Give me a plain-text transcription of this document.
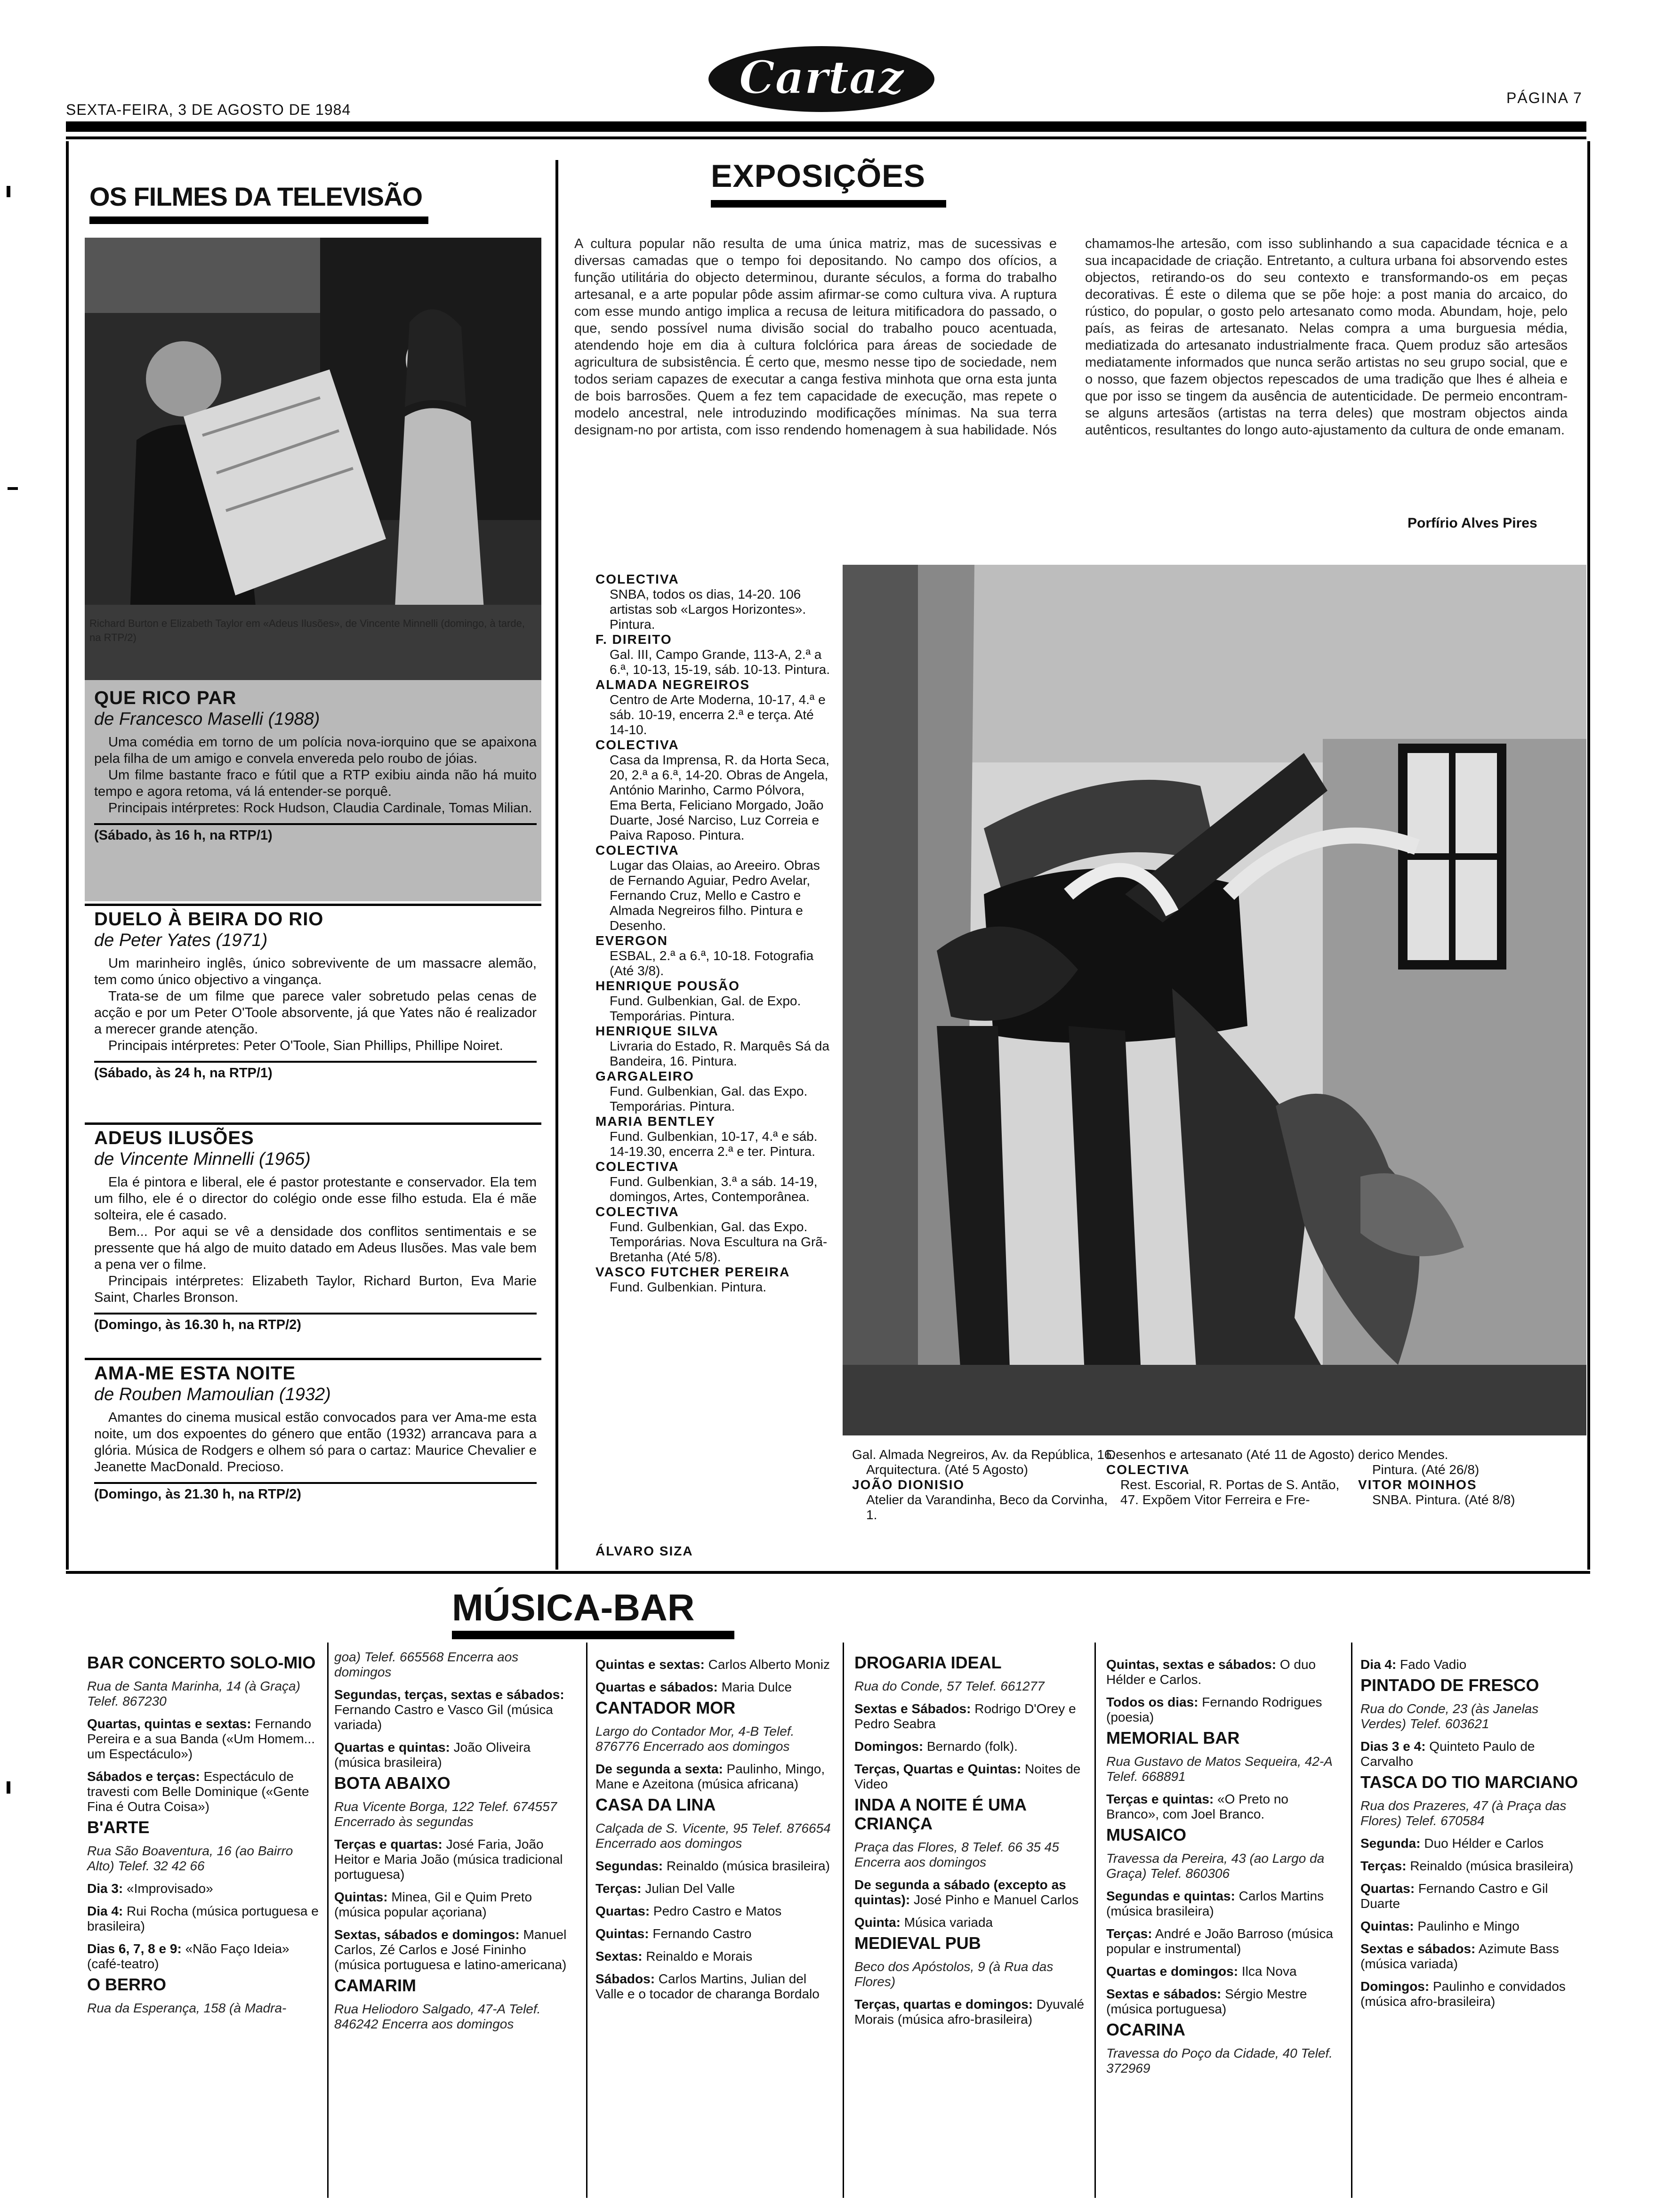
Cartaz
SEXTA-FEIRA, 3 DE AGOSTO DE 1984
PÁGINA 7
OS FILMES DA TELEVISÃO
Richard Burton e Elizabeth Taylor em «Adeus Ilusões», de Vincente Minnelli (domingo, à tarde, na RTP/2)
QUE RICO PAR
de Francesco Maselli (1988)

Uma comédia em torno de um polícia nova-iorquino que se apaixona pela filha de um amigo e convela envereda pelo roubo de jóias.

Um filme bastante fraco e fútil que a RTP exibiu ainda não há muito tempo e agora retoma, vá lá entender-se porquê.

Principais intérpretes: Rock Hudson, Claudia Cardinale, Tomas Milian.

(Sábado, às 16 h, na RTP/1)
DUELO À BEIRA DO RIO
de Peter Yates (1971)

Um marinheiro inglês, único sobrevivente de um massacre alemão, tem como único objectivo a vingança.

Trata-se de um filme que parece valer sobretudo pelas cenas de acção e por um Peter O'Toole absorvente, já que Yates não é realizador a merecer grande atenção.

Principais intérpretes: Peter O'Toole, Sian Phillips, Phillipe Noiret.

(Sábado, às 24 h, na RTP/1)
ADEUS ILUSÕES
de Vincente Minnelli (1965)

Ela é pintora e liberal, ele é pastor protestante e conservador. Ela tem um filho, ele é o director do colégio onde esse filho estuda. Ela é mãe solteira, ele é casado.

Bem... Por aqui se vê a densidade dos conflitos sentimentais e se pressente que há algo de muito datado em Adeus Ilusões. Mas vale bem a pena ver o filme.

Principais intérpretes: Elizabeth Taylor, Richard Burton, Eva Marie Saint, Charles Bronson.

(Domingo, às 16.30 h, na RTP/2)
AMA-ME ESTA NOITE
de Rouben Mamoulian (1932)

Amantes do cinema musical estão convocados para ver Ama-me esta noite, um dos expoentes do género que então (1932) arrancava para a glória. Música de Rodgers e olhem só para o cartaz: Maurice Chevalier e Jeanette MacDonald. Precioso.

(Domingo, às 21.30 h, na RTP/2)
EXPOSIÇÕES
A cultura popular não resulta de uma única matriz, mas de sucessivas e diversas camadas que o tempo foi depositando. No campo dos ofícios, a função utilitária do objecto determinou, durante séculos, a forma do trabalho artesanal, e a arte popular pôde assim afirmar-se como cultura viva. A ruptura com esse mundo antigo implica a recusa de leitura mitificadora do passado, o que, sendo possível numa divisão social do trabalho pouco acentuada, atendendo hoje em dia à cultura folclórica para áreas de sociedade de agricultura de subsistência. É certo que, mesmo nesse tipo de sociedade, nem todos seriam capazes de executar a canga festiva minhota que orna esta junta de bois barrosões. Quem a fez tem capacidade de execução, mas repete o modelo ancestral, nele introduzindo modificações mínimas. Na sua terra designam-no por artista, com isso rendendo homenagem à sua habilidade. Nós chamamos-lhe artesão, com isso sublinhando a sua capacidade técnica e a sua incapacidade de criação. Entretanto, a cultura urbana foi absorvendo estes objectos, retirando-os do seu contexto e transformando-os em peças decorativas. É este o dilema que se põe hoje: a post mania do arcaico, do rústico, do popular, o gosto pelo artesanato como moda. Abundam, hoje, pelo país, as feiras de artesanato. Nelas compra a uma burguesia média, mediatizada do artesanato industrialmente fraca. Quem produz são artesãos mediatamente informados que nunca serão artistas no seu grupo social, que e o nosso, que fazem objectos repescados de uma tradição que lhes é alheia e que por isso se tingem da ausência de autenticidade. De permeio encontram-se alguns artesãos (artistas na terra deles) que mostram objectos ainda autênticos, resultantes do longo auto-ajustamento da cultura de onde emanam.
Porfírio Alves Pires
COLECTIVA
SNBA, todos os dias, 14-20. 106 artistas sob «Largos Horizontes». Pintura.
F. DIREITO
Gal. III, Campo Grande, 113-A, 2.ª a 6.ª, 10-13, 15-19, sáb. 10-13. Pintura.
ALMADA NEGREIROS
Centro de Arte Moderna, 10-17, 4.ª e sáb. 10-19, encerra 2.ª e terça. Até 14-10.
COLECTIVA
Casa da Imprensa, R. da Horta Seca, 20, 2.ª a 6.ª, 14-20. Obras de Angela, António Marinho, Carmo Pólvora, Ema Berta, Feliciano Morgado, João Duarte, José Narciso, Luz Correia e Paiva Raposo. Pintura.
COLECTIVA
Lugar das Olaias, ao Areeiro. Obras de Fernando Aguiar, Pedro Avelar, Fernando Cruz, Mello e Castro e Almada Negreiros filho. Pintura e Desenho.
EVERGON
ESBAL, 2.ª a 6.ª, 10-18. Fotografia (Até 3/8).
HENRIQUE POUSÃO
Fund. Gulbenkian, Gal. de Expo. Temporárias. Pintura.
HENRIQUE SILVA
Livraria do Estado, R. Marquês Sá da Bandeira, 16. Pintura.
GARGALEIRO
Fund. Gulbenkian, Gal. das Expo. Temporárias. Pintura.
MARIA BENTLEY
Fund. Gulbenkian, 10-17, 4.ª e sáb. 14-19.30, encerra 2.ª e ter. Pintura.
COLECTIVA
Fund. Gulbenkian, 3.ª a sáb. 14-19, domingos, Artes, Contemporânea.
COLECTIVA
Fund. Gulbenkian, Gal. das Expo. Temporárias. Nova Escultura na Grã-Bretanha (Até 5/8).
VASCO FUTCHER PEREIRA
Fund. Gulbenkian. Pintura.
ÁLVARO SIZA
Gal. Almada Negreiros, Av. da República, 16.
Arquitectura. (Até 5 Agosto)
JOÃO DIONISIO
Atelier da Varandinha, Beco da Corvinha, 1.
Desenhos e artesanato (Até 11 de Agosto)
COLECTIVA
Rest. Escorial, R. Portas de S. Antão, 47. Expõem Vitor Ferreira e Fre-
derico Mendes.
Pintura. (Até 26/8)
VITOR MOINHOS
SNBA. Pintura. (Até 8/8)
MÚSICA-BAR
BAR CONCERTO SOLO-MIO
Rua de Santa Marinha, 14 (à Graça) Telef. 867230
Quartas, quintas e sextas: Fernando Pereira e a sua Banda («Um Homem... um Espectáculo»)
Sábados e terças: Espectáculo de travesti com Belle Dominique («Gente Fina é Outra Coisa»)
B'ARTE
Rua São Boaventura, 16 (ao Bairro Alto) Telef. 32 42 66
Dia 3: «Improvisado»
Dia 4: Rui Rocha (música portuguesa e brasileira)
Dias 6, 7, 8 e 9: «Não Faço Ideia» (café-teatro)
O BERRO
Rua da Esperança, 158 (à Madra-
goa) Telef. 665568 Encerra aos domingos
Segundas, terças, sextas e sábados: Fernando Castro e Vasco Gil (música variada)
Quartas e quintas: João Oliveira (música brasileira)
BOTA ABAIXO
Rua Vicente Borga, 122 Telef. 674557 Encerrado às segundas
Terças e quartas: José Faria, João Heitor e Maria João (música tradicional portuguesa)
Quintas: Minea, Gil e Quim Preto (música popular açoriana)
Sextas, sábados e domingos: Manuel Carlos, Zé Carlos e José Fininho (música portuguesa e latino-americana)
CAMARIM
Rua Heliodoro Salgado, 47-A Telef. 846242 Encerra aos domingos
Quintas e sextas: Carlos Alberto Moniz
Quartas e sábados: Maria Dulce
CANTADOR MOR
Largo do Contador Mor, 4-B Telef. 876776 Encerrado aos domingos
De segunda a sexta: Paulinho, Mingo, Mane e Azeitona (música africana)
CASA DA LINA
Calçada de S. Vicente, 95 Telef. 876654 Encerrado aos domingos
Segundas: Reinaldo (música brasileira)
Terças: Julian Del Valle
Quartas: Pedro Castro e Matos
Quintas: Fernando Castro
Sextas: Reinaldo e Morais
Sábados: Carlos Martins, Julian del Valle e o tocador de charanga Bordalo
DROGARIA IDEAL
Rua do Conde, 57 Telef. 661277
Sextas e Sábados: Rodrigo D'Orey e Pedro Seabra
Domingos: Bernardo (folk).
Terças, Quartas e Quintas: Noites de Video
INDA A NOITE É UMA CRIANÇA
Praça das Flores, 8 Telef. 66 35 45 Encerra aos domingos
De segunda a sábado (excepto as quintas): José Pinho e Manuel Carlos
Quinta: Música variada
MEDIEVAL PUB
Beco dos Apóstolos, 9 (à Rua das Flores)
Terças, quartas e domingos: Dyuvalé Morais (música afro-brasileira)
Quintas, sextas e sábados: O duo Hélder e Carlos.
Todos os dias: Fernando Rodrigues (poesia)
MEMORIAL BAR
Rua Gustavo de Matos Sequeira, 42-A Telef. 668891
Terças e quintas: «O Preto no Branco», com Joel Branco.
MUSAICO
Travessa da Pereira, 43 (ao Largo da Graça) Telef. 860306
Segundas e quintas: Carlos Martins (música brasileira)
Terças: André e João Barroso (música popular e instrumental)
Quartas e domingos: Ilca Nova
Sextas e sábados: Sérgio Mestre (música portuguesa)
OCARINA
Travessa do Poço da Cidade, 40 Telef. 372969
Dia 4: Fado Vadio
PINTADO DE FRESCO
Rua do Conde, 23 (às Janelas Verdes) Telef. 603621
Dias 3 e 4: Quinteto Paulo de Carvalho
TASCA DO TIO MARCIANO
Rua dos Prazeres, 47 (à Praça das Flores) Telef. 670584
Segunda: Duo Hélder e Carlos
Terças: Reinaldo (música brasileira)
Quartas: Fernando Castro e Gil Duarte
Quintas: Paulinho e Mingo
Sextas e sábados: Azimute Bass (música variada)
Domingos: Paulinho e convidados (música afro-brasileira)
